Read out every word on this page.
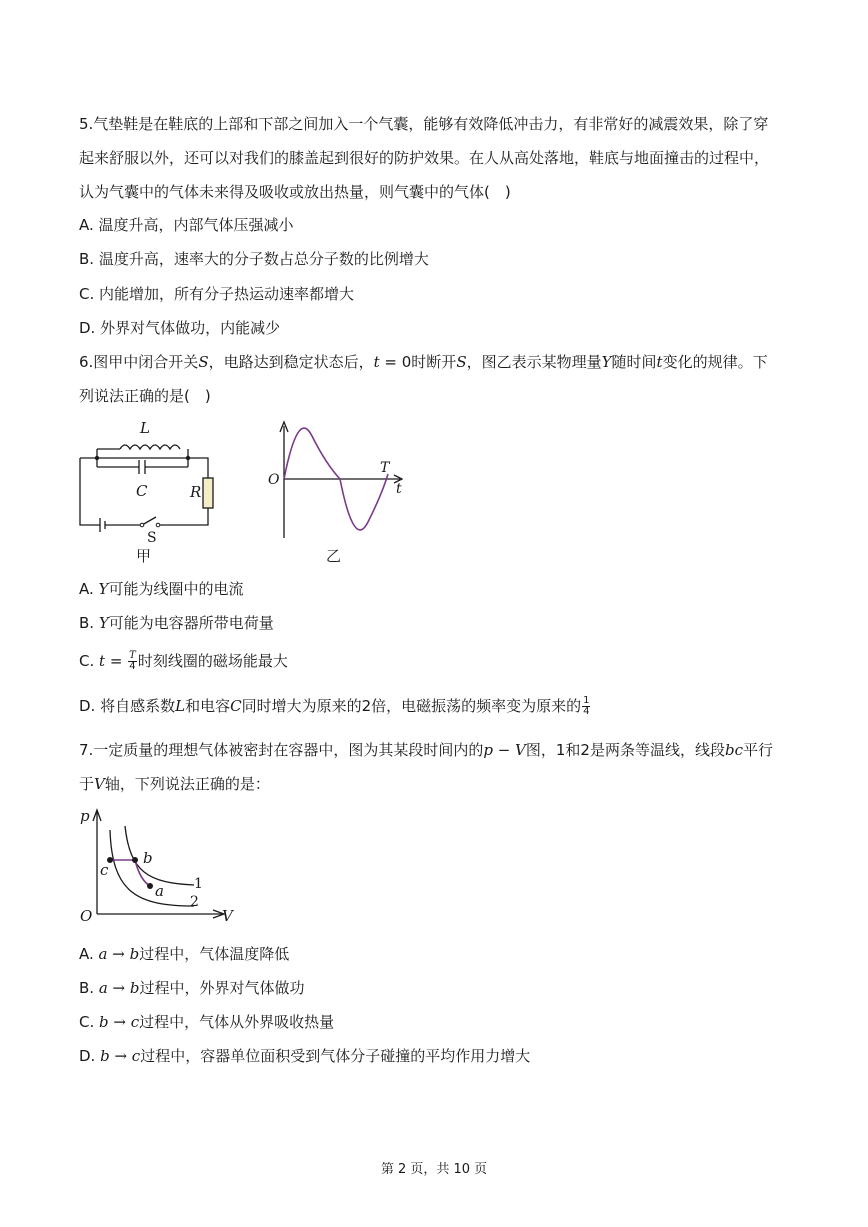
5.气垫鞋是在鞋底的上部和下部之间加入一个气囊，能够有效降低冲击力，有非常好的减震效果，除了穿
起来舒服以外，还可以对我们的膝盖起到很好的防护效果。在人从高处落地，鞋底与地面撞击的过程中，
认为气囊中的气体未来得及吸收或放出热量，则气囊中的气体(　)
A. 温度升高，内部气体压强减小
B. 温度升高，速率大的分子数占总分子数的比例增大
C. 内能增加，所有分子热运动速率都增大
D. 外界对气体做功，内能减少
6.图甲中闭合开关S，电路达到稳定状态后，t = 0时断开S，图乙表示某物理量Y随时间t变化的规律。下
列说法正确的是(　)
L
C	R
S
甲
O
T
t
乙
A. Y可能为线圈中的电流
B. Y可能为电容器所带电荷量
C. $t = \frac{T}{4}$ 时刻线圈的磁场能最大
D. 将自感系数L和电容C同时增大为原来的2倍，电磁振荡的频率变为原来的 $\frac{1}{4}$
7.一定质量的理想气体被密封在容器中，图为其某段时间内的p − V图，1和2是两条等温线，线段bc平行
于V轴，下列说法正确的是：
p
V
O
c
b
a 1
2
A. a → b过程中，气体温度降低
B. a → b过程中，外界对气体做功
C. b → c过程中，气体从外界吸收热量
D. b → c过程中，容器单位面积受到气体分子碰撞的平均作用力增大
第 2 页，共 10 页
